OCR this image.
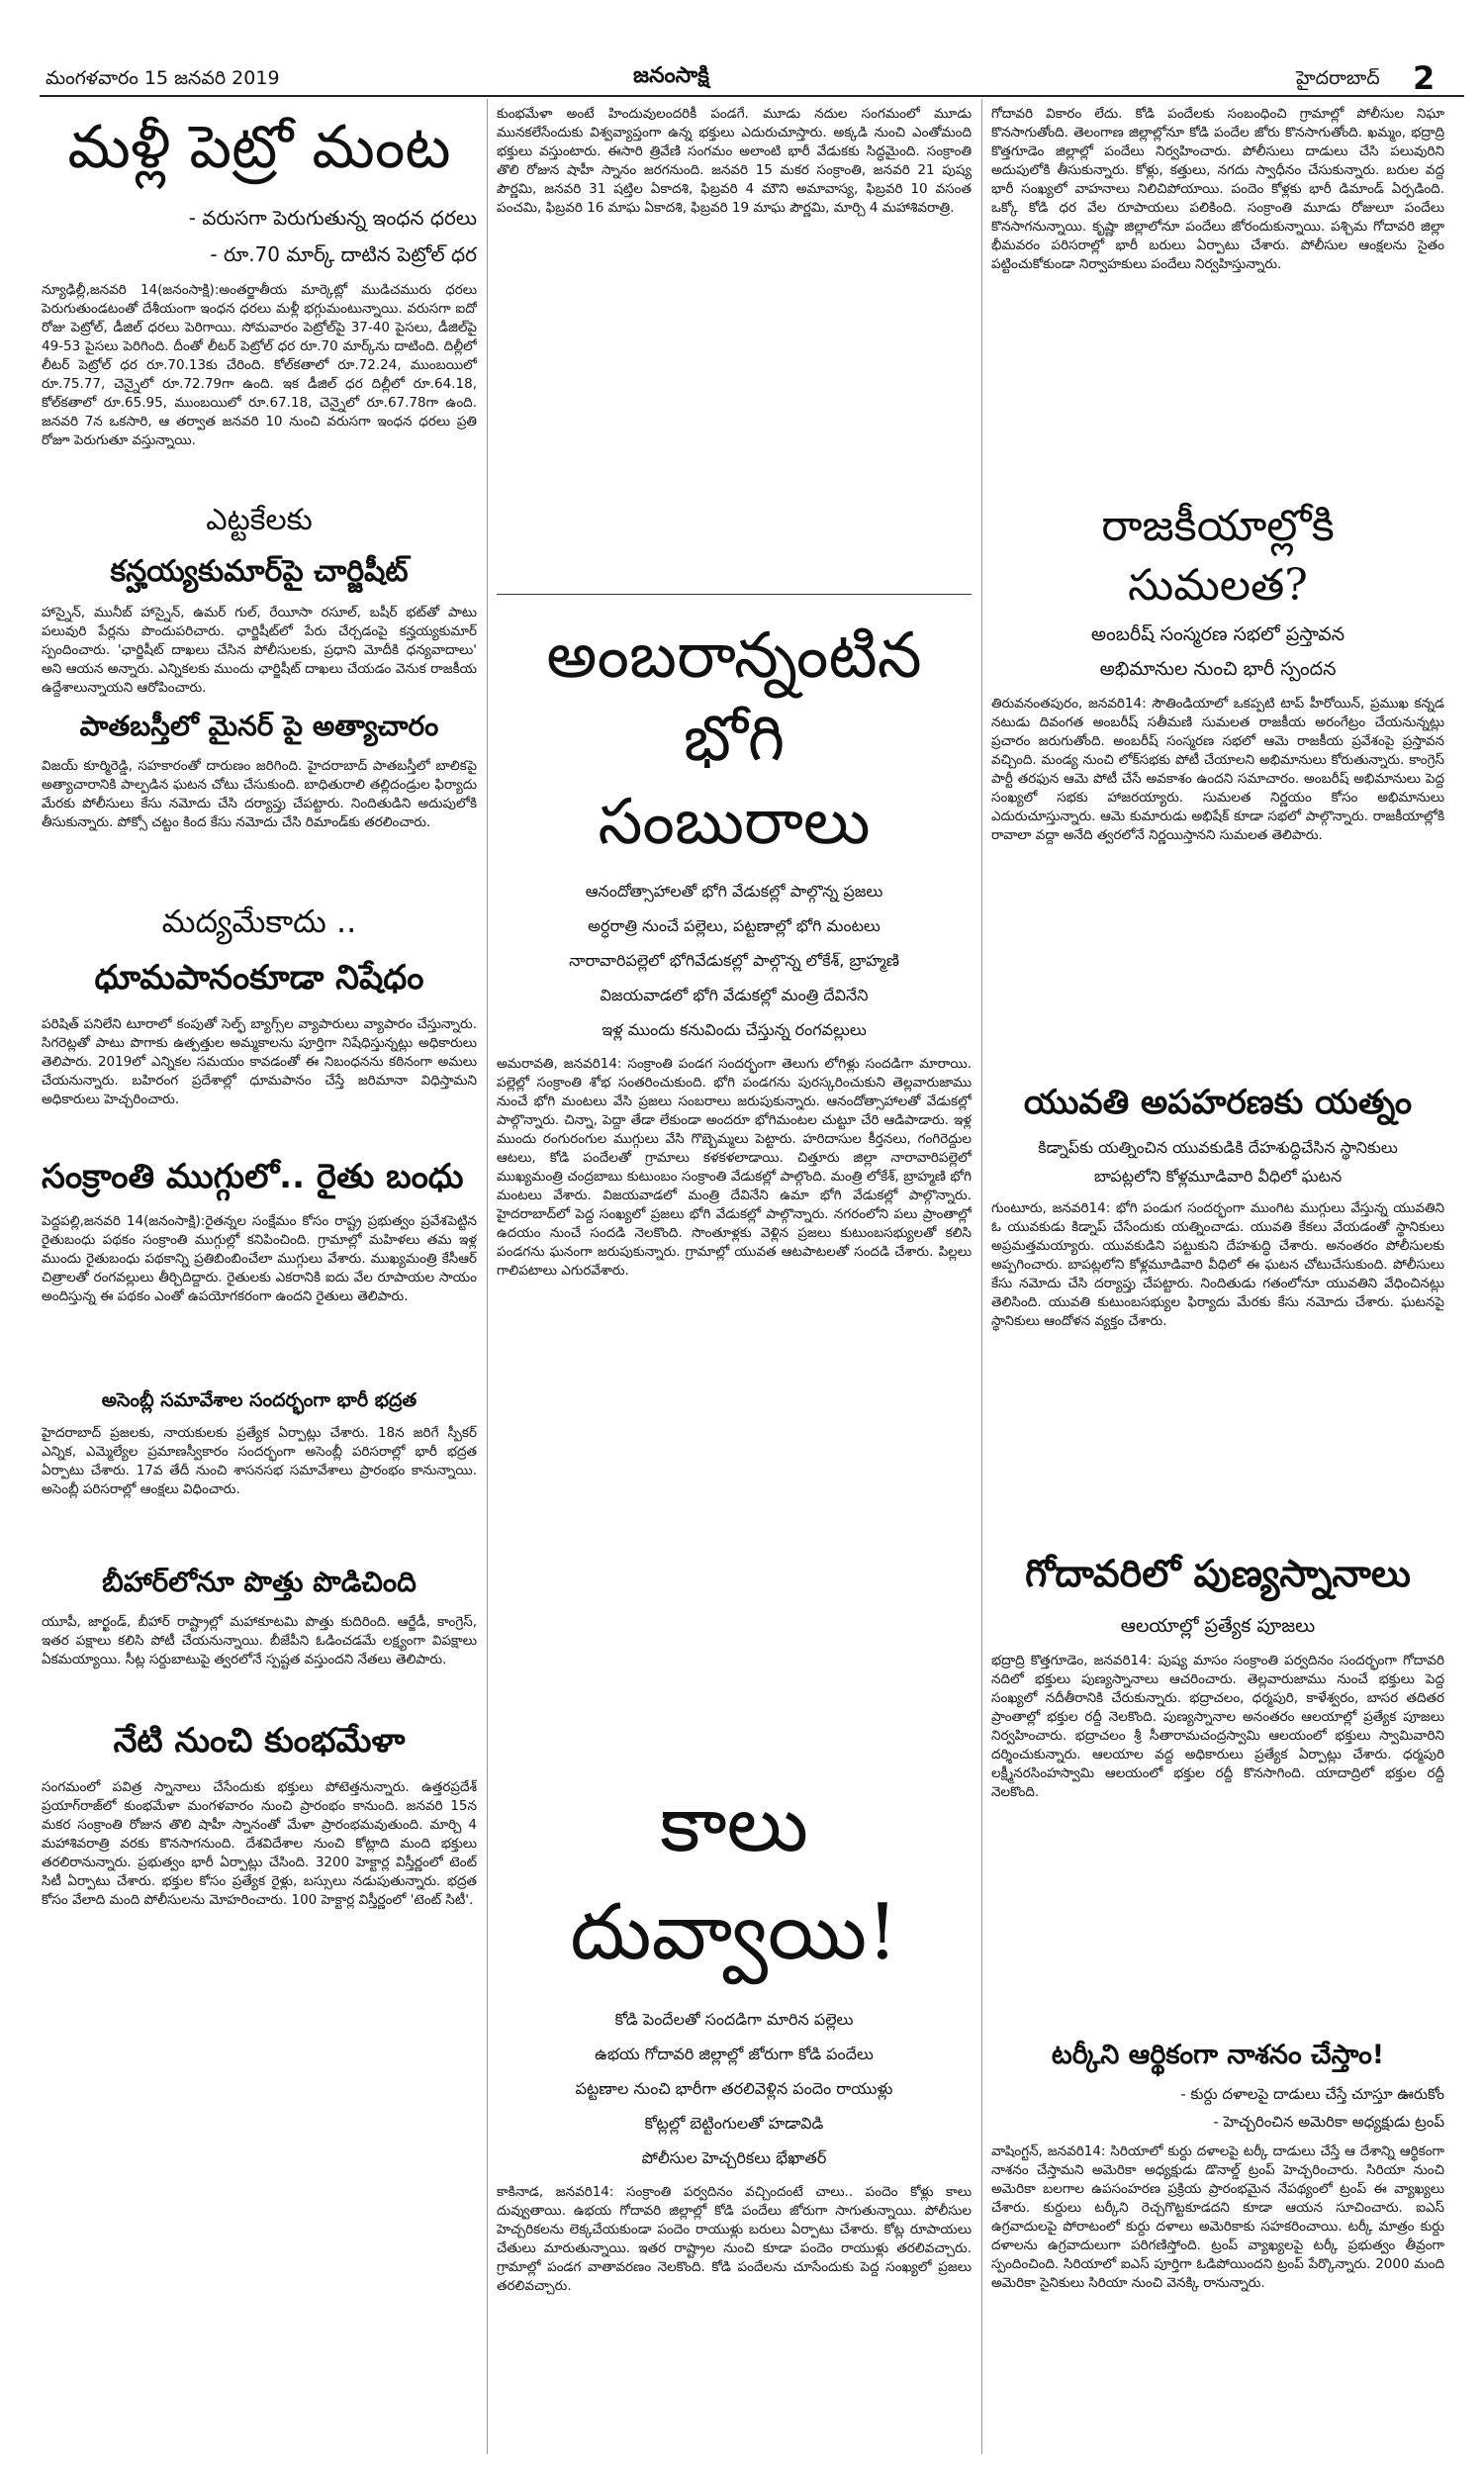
మంగళవారం 15 జనవరి 2019	జనంసాక్షి	హైదరాబాద్ 2
మళ్లీ పెట్రో మంట

- వరుసగా పెరుగుతున్న ఇంధన ధరలు

- రూ.70 మార్క్ దాటిన పెట్రోల్ ధర

న్యూఢిల్లీ,జనవరి 14(జనంసాక్షి):అంతర్జాతీయ మార్కెట్లో ముడిచమురు ధరలు పెరుగుతుండటంతో దేశీయంగా ఇంధన ధరలు మళ్లీ భగ్గుమంటున్నాయి. వరుసగా ఐదో రోజు పెట్రోల్, డీజిల్ ధరలు పెరిగాయి. సోమవారం పెట్రోల్‌పై 37-40 పైసలు, డీజిల్‌పై 49-53 పైసలు పెరిగింది. దీంతో లీటర్ పెట్రోల్ ధర రూ.70 మార్క్‌ను దాటింది. దిల్లీలో లీటర్ పెట్రోల్ ధర రూ.70.13కు చేరింది. కోల్‌కతాలో రూ.72.24, ముంబయిలో రూ.75.77, చెన్నైలో రూ.72.79గా ఉంది. ఇక డీజిల్ ధర దిల్లీలో రూ.64.18, కోల్‌కతాలో రూ.65.95, ముంబయిలో రూ.67.18, చెన్నైలో రూ.67.78గా ఉంది. జనవరి 7న ఒకసారి, ఆ తర్వాత జనవరి 10 నుంచి వరుసగా ఇంధన ధరలు ప్రతి రోజూ పెరుగుతూ వస్తున్నాయి.

ఎట్టకేలకు

కన్హయ్యకుమార్‌పై చార్జిషీట్

హాస్నైన్, మునీబ్ హాస్నైన్, ఉమర్ గుల్, రేయీసా రసూల్, బషీర్ భట్‌తో పాటు పలువురి పేర్లను పొందుపరిచారు. ఛార్జిషీట్‌లో పేరు చేర్చడంపై కన్హయ్యకుమార్ స్పందించారు. 'ఛార్జిషీట్ దాఖలు చేసిన పోలీసులకు, ప్రధాని మోదీకి ధన్యవాదాలు' అని ఆయన అన్నారు. ఎన్నికలకు ముందు ఛార్జిషీట్ దాఖలు చేయడం వెనుక రాజకీయ ఉద్దేశాలున్నాయని ఆరోపించారు.

పాతబస్తీలో మైనర్ పై అత్యాచారం

విజయ్ కూర్మిరెడ్డి, సహకారంతో దారుణం జరిగింది. హైదరాబాద్ పాతబస్తీలో బాలికపై అత్యాచారానికి పాల్పడిన ఘటన చోటు చేసుకుంది. బాధితురాలి తల్లిదండ్రుల ఫిర్యాదు మేరకు పోలీసులు కేసు నమోదు చేసి దర్యాప్తు చేపట్టారు. నిందితుడిని అదుపులోకి తీసుకున్నారు. పోక్సో చట్టం కింద కేసు నమోదు చేసి రిమాండ్‌కు తరలించారు.

మద్యమేకాదు ..

ధూమపానంకూడా నిషేధం

పరిషిత్ పనిలేని టూరాలో కంపుతో సెల్ఫ్ బ్యాగ్స్‌ల వ్యాపారులు వ్యాపారం చేస్తున్నారు. సిగరెట్లతో పాటు పొగాకు ఉత్పత్తుల అమ్మకాలను పూర్తిగా నిషేధిస్తున్నట్లు అధికారులు తెలిపారు. 2019లో ఎన్నికల సమయం కావడంతో ఈ నిబంధనను కఠినంగా అమలు చేయనున్నారు. బహిరంగ ప్రదేశాల్లో ధూమపానం చేస్తే జరిమానా విధిస్తామని అధికారులు హెచ్చరించారు.

సంక్రాంతి ముగ్గులో.. రైతు బంధు

పెద్దపల్లి,జనవరి 14(జనంసాక్షి):రైతన్నల సంక్షేమం కోసం రాష్ట్ర ప్రభుత్వం ప్రవేశపెట్టిన రైతుబంధు పథకం సంక్రాంతి ముగ్గుల్లో కనిపించింది. గ్రామాల్లో మహిళలు తమ ఇళ్ల ముందు రైతుబంధు పథకాన్ని ప్రతిబింబించేలా ముగ్గులు వేశారు. ముఖ్యమంత్రి కేసీఆర్ చిత్రాలతో రంగవల్లులు తీర్చిదిద్దారు. రైతులకు ఎకరానికి ఐదు వేల రూపాయల సాయం అందిస్తున్న ఈ పథకం ఎంతో ఉపయోగకరంగా ఉందని రైతులు తెలిపారు.

అసెంబ్లీ సమావేశాల సందర్భంగా భారీ భద్రత

హైదరాబాద్ ప్రజలకు, నాయకులకు ప్రత్యేక ఏర్పాట్లు చేశారు. 18న జరిగే స్పీకర్ ఎన్నిక, ఎమ్మెల్యేల ప్రమాణస్వీకారం సందర్భంగా అసెంబ్లీ పరిసరాల్లో భారీ భద్రత ఏర్పాటు చేశారు. 17వ తేదీ నుంచి శాసనసభ సమావేశాలు ప్రారంభం కానున్నాయి. అసెంబ్లీ పరిసరాల్లో ఆంక్షలు విధించారు.

బీహార్‌లోనూ పొత్తు పొడిచింది

యూపీ, జార్ఖండ్, బీహార్ రాష్ట్రాల్లో మహాకూటమి పొత్తు కుదిరింది. ఆర్జేడీ, కాంగ్రెస్, ఇతర పక్షాలు కలిసి పోటీ చేయనున్నాయి. బీజేపీని ఓడించడమే లక్ష్యంగా విపక్షాలు ఏకమయ్యాయి. సీట్ల సర్దుబాటుపై త్వరలోనే స్పష్టత వస్తుందని నేతలు తెలిపారు.

నేటి నుంచి కుంభమేళా

సంగమంలో పవిత్ర స్నానాలు చేసేందుకు భక్తులు పోటెత్తనున్నారు. ఉత్తరప్రదేశ్ ప్రయాగ్‌రాజ్‌లో కుంభమేళా మంగళవారం నుంచి ప్రారంభం కానుంది. జనవరి 15న మకర సంక్రాంతి రోజున తొలి షాహీ స్నానంతో మేళా ప్రారంభమవుతుంది. మార్చి 4 మహాశివరాత్రి వరకు కొనసాగనుంది. దేశవిదేశాల నుంచి కోట్లాది మంది భక్తులు తరలిరానున్నారు. ప్రభుత్వం భారీ ఏర్పాట్లు చేసింది. 3200 హెక్టార్ల విస్తీర్ణంలో టెంట్ సిటీ ఏర్పాటు చేశారు. భక్తుల కోసం ప్రత్యేక రైళ్లు, బస్సులు నడుపుతున్నారు. భద్రత కోసం వేలాది మంది పోలీసులను మోహరించారు. 100 హెక్టార్ల విస్తీర్ణంలో 'టెంట్ సిటీ'.

కుంభమేళా అంటే హిందువులందరికీ పండగే. మూడు నదుల సంగమంలో మూడు మునకలేసేందుకు విశ్వవ్యాప్తంగా ఉన్న భక్తులు ఎదురుచూస్తారు. అక్కడి నుంచి ఎంతోమంది భక్తులు వస్తుంటారు. ఈసారి త్రివేణి సంగమం అలాంటి భారీ వేడుకకు సిద్ధమైంది. సంక్రాంతి తొలి రోజున షాహీ స్నానం జరగనుంది. జనవరి 15 మకర సంక్రాంతి, జనవరి 21 పుష్య పౌర్ణమి, జనవరి 31 షట్తిల ఏకాదశి, ఫిబ్రవరి 4 మౌని అమావాస్య, ఫిబ్రవరి 10 వసంత పంచమి, ఫిబ్రవరి 16 మాఘ ఏకాదశి, ఫిబ్రవరి 19 మాఘ పౌర్ణమి, మార్చి 4 మహాశివరాత్రి.

అంబరాన్నంటిన భోగి సంబురాలు

ఆనందోత్సాహాలతో భోగి వేడుకల్లో పాల్గొన్న ప్రజలు

అర్ధరాత్రి నుంచే పల్లెలు, పట్టణాల్లో భోగి మంటలు

నారావారిపల్లెలో భోగివేడుకల్లో పాల్గొన్న లోకేశ్, బ్రాహ్మణి

విజయవాడలో భోగి వేడుకల్లో మంత్రి దేవినేని

ఇళ్ల ముందు కనువిందు చేస్తున్న రంగవల్లులు

అమరావతి, జనవరి14: సంక్రాంతి పండగ సందర్భంగా తెలుగు లోగిళ్లు సందడిగా మారాయి. పల్లెల్లో సంక్రాంతి శోభ సంతరించుకుంది. భోగి పండగను పురస్కరించుకుని తెల్లవారుజాము నుంచే భోగి మంటలు వేసి ప్రజలు సంబరాలు జరుపుకున్నారు. ఆనందోత్సాహాలతో వేడుకల్లో పాల్గొన్నారు. చిన్నా, పెద్దా తేడా లేకుండా అందరూ భోగిమంటల చుట్టూ చేరి ఆడిపాడారు. ఇళ్ల ముందు రంగురంగుల ముగ్గులు వేసి గొబ్బెమ్మలు పెట్టారు. హరిదాసుల కీర్తనలు, గంగిరెద్దుల ఆటలు, కోడి పందేలతో గ్రామాలు కళకళలాడాయి. చిత్తూరు జిల్లా నారావారిపల్లెలో ముఖ్యమంత్రి చంద్రబాబు కుటుంబం సంక్రాంతి వేడుకల్లో పాల్గొంది. మంత్రి లోకేశ్, బ్రాహ్మణి భోగి మంటలు వేశారు. విజయవాడలో మంత్రి దేవినేని ఉమా భోగి వేడుకల్లో పాల్గొన్నారు. హైదరాబాద్‌లో పెద్ద సంఖ్యలో ప్రజలు భోగి వేడుకల్లో పాల్గొన్నారు. నగరంలోని పలు ప్రాంతాల్లో ఉదయం నుంచే సందడి నెలకొంది. సొంతూళ్లకు వెళ్లిన ప్రజలు కుటుంబసభ్యులతో కలిసి పండగను ఘనంగా జరుపుకున్నారు. గ్రామాల్లో యువత ఆటపాటలతో సందడి చేశారు. పిల్లలు గాలిపటాలు ఎగురవేశారు.

కాలు దువ్వాయి!

కోడి పెందేలతో సందడిగా మారిన పల్లెలు

ఉభయ గోదావరి జిల్లాల్లో జోరుగా కోడి పందేలు

పట్టణాల నుంచి భారీగా తరలివెళ్లిన పందెం రాయుళ్లు

కోట్లల్లో బెట్టింగులతో హడావిడి

పోలీసుల హెచ్చరికలు భేఖాతర్

కాకినాడ, జనవరి14: సంక్రాంతి పర్వదినం వచ్చిందంటే చాలు.. పందెం కోళ్లు కాలు దువ్వుతాయి. ఉభయ గోదావరి జిల్లాల్లో కోడి పందేలు జోరుగా సాగుతున్నాయి. పోలీసుల హెచ్చరికలను లెక్కచేయకుండా పందెం రాయుళ్లు బరులు ఏర్పాటు చేశారు. కోట్ల రూపాయలు చేతులు మారుతున్నాయి. ఇతర రాష్ట్రాల నుంచి కూడా పందెం రాయుళ్లు తరలివచ్చారు. గ్రామాల్లో పండగ వాతావరణం నెలకొంది. కోడి పందేలను చూసేందుకు పెద్ద సంఖ్యలో ప్రజలు తరలివచ్చారు.

గోదావరి వికారం లేదు. కోడి పందేలకు సంబంధించి గ్రామాల్లో పోలీసుల నిఘా కొనసాగుతోంది. తెలంగాణ జిల్లాల్లోనూ కోడి పందేల జోరు కొనసాగుతోంది. ఖమ్మం, భద్రాద్రి కొత్తగూడెం జిల్లాల్లో పందేలు నిర్వహించారు. పోలీసులు దాడులు చేసి పలువురిని అదుపులోకి తీసుకున్నారు. కోళ్లు, కత్తులు, నగదు స్వాధీనం చేసుకున్నారు. బరుల వద్ద భారీ సంఖ్యలో వాహనాలు నిలిచిపోయాయి. పందెం కోళ్లకు భారీ డిమాండ్ ఏర్పడింది. ఒక్కో కోడి ధర వేల రూపాయలు పలికింది. సంక్రాంతి మూడు రోజులూ పందేలు కొనసాగనున్నాయి. కృష్ణా జిల్లాలోనూ పందేలు జోరందుకున్నాయి. పశ్చిమ గోదావరి జిల్లా భీమవరం పరిసరాల్లో భారీ బరులు ఏర్పాటు చేశారు. పోలీసుల ఆంక్షలను సైతం పట్టించుకోకుండా నిర్వాహకులు పందేలు నిర్వహిస్తున్నారు.

రాజకీయాల్లోకి సుమలత?

అంబరీష్ సంస్మరణ సభలో ప్రస్తావన

అభిమానుల నుంచి భారీ స్పందన

తిరువనంతపురం, జనవరి14: సౌతిండియాలో ఒకప్పటి టాప్ హీరోయిన్, ప్రముఖ కన్నడ నటుడు దివంగత అంబరీష్ సతీమణి సుమలత రాజకీయ అరంగేట్రం చేయనున్నట్లు ప్రచారం జరుగుతోంది. అంబరీష్ సంస్మరణ సభలో ఆమె రాజకీయ ప్రవేశంపై ప్రస్తావన వచ్చింది. మండ్య నుంచి లోక్‌సభకు పోటీ చేయాలని అభిమానులు కోరుతున్నారు. కాంగ్రెస్ పార్టీ తరఫున ఆమె పోటీ చేసే అవకాశం ఉందని సమాచారం. అంబరీష్ అభిమానులు పెద్ద సంఖ్యలో సభకు హాజరయ్యారు. సుమలత నిర్ణయం కోసం అభిమానులు ఎదురుచూస్తున్నారు. ఆమె కుమారుడు అభిషేక్ కూడా సభలో పాల్గొన్నారు. రాజకీయాల్లోకి రావాలా వద్దా అనేది త్వరలోనే నిర్ణయిస్తానని సుమలత తెలిపారు.

యువతి అపహరణకు యత్నం

కిడ్నాప్‌కు యత్నించిన యువకుడికి దేహశుద్ధిచేసిన స్థానికులు

బాపట్లలోని కోళ్లమూడివారి వీధిలో ఘటన

గుంటూరు, జనవరి14: భోగి పండుగ సందర్భంగా ముంగిట ముగ్గులు వేస్తున్న యువతిని ఓ యువకుడు కిడ్నాప్ చేసేందుకు యత్నించాడు. యువతి కేకలు వేయడంతో స్థానికులు అప్రమత్తమయ్యారు. యువకుడిని పట్టుకుని దేహశుద్ధి చేశారు. అనంతరం పోలీసులకు అప్పగించారు. బాపట్లలోని కోళ్లమూడివారి వీధిలో ఈ ఘటన చోటుచేసుకుంది. పోలీసులు కేసు నమోదు చేసి దర్యాప్తు చేపట్టారు. నిందితుడు గతంలోనూ యువతిని వేధించినట్లు తెలిసింది. యువతి కుటుంబసభ్యుల ఫిర్యాదు మేరకు కేసు నమోదు చేశారు. ఘటనపై స్థానికులు ఆందోళన వ్యక్తం చేశారు.

గోదావరిలో పుణ్యస్నానాలు

ఆలయాల్లో ప్రత్యేక పూజలు

భద్రాద్రి కొత్తగూడెం, జనవరి14: పుష్య మాసం సంక్రాంతి పర్వదినం సందర్భంగా గోదావరి నదిలో భక్తులు పుణ్యస్నానాలు ఆచరించారు. తెల్లవారుజాము నుంచే భక్తులు పెద్ద సంఖ్యలో నదీతీరానికి చేరుకున్నారు. భద్రాచలం, ధర్మపురి, కాళేశ్వరం, బాసర తదితర ప్రాంతాల్లో భక్తుల రద్దీ నెలకొంది. పుణ్యస్నానాల అనంతరం ఆలయాల్లో ప్రత్యేక పూజలు నిర్వహించారు. భద్రాచలం శ్రీ సీతారామచంద్రస్వామి ఆలయంలో భక్తులు స్వామివారిని దర్శించుకున్నారు. ఆలయాల వద్ద అధికారులు ప్రత్యేక ఏర్పాట్లు చేశారు. ధర్మపురి లక్ష్మీనరసింహస్వామి ఆలయంలో భక్తుల రద్దీ కొనసాగింది. యాదాద్రిలో భక్తుల రద్దీ నెలకొంది.

టర్కీని ఆర్థికంగా నాశనం చేస్తాం!

- కుర్దు దళాలపై దాడులు చేస్తే చూస్తూ ఊరుకోం

- హెచ్చరించిన అమెరికా అధ్యక్షుడు ట్రంప్

వాషింగ్టన్, జనవరి14: సిరియాలో కుర్దు దళాలపై టర్కీ దాడులు చేస్తే ఆ దేశాన్ని ఆర్థికంగా నాశనం చేస్తామని అమెరికా అధ్యక్షుడు డొనాల్డ్ ట్రంప్ హెచ్చరించారు. సిరియా నుంచి అమెరికా బలగాల ఉపసంహరణ ప్రక్రియ ప్రారంభమైన నేపథ్యంలో ట్రంప్ ఈ వ్యాఖ్యలు చేశారు. కుర్దులు టర్కీని రెచ్చగొట్టకూడదని కూడా ఆయన సూచించారు. ఐఎస్ ఉగ్రవాదులపై పోరాటంలో కుర్దు దళాలు అమెరికాకు సహకరించాయి. టర్కీ మాత్రం కుర్దు దళాలను ఉగ్రవాదులుగా పరిగణిస్తోంది. ట్రంప్ వ్యాఖ్యలపై టర్కీ ప్రభుత్వం తీవ్రంగా స్పందించింది. సిరియాలో ఐఎస్ పూర్తిగా ఓడిపోయిందని ట్రంప్ పేర్కొన్నారు. 2000 మంది అమెరికా సైనికులు సిరియా నుంచి వెనక్కి రానున్నారు.
